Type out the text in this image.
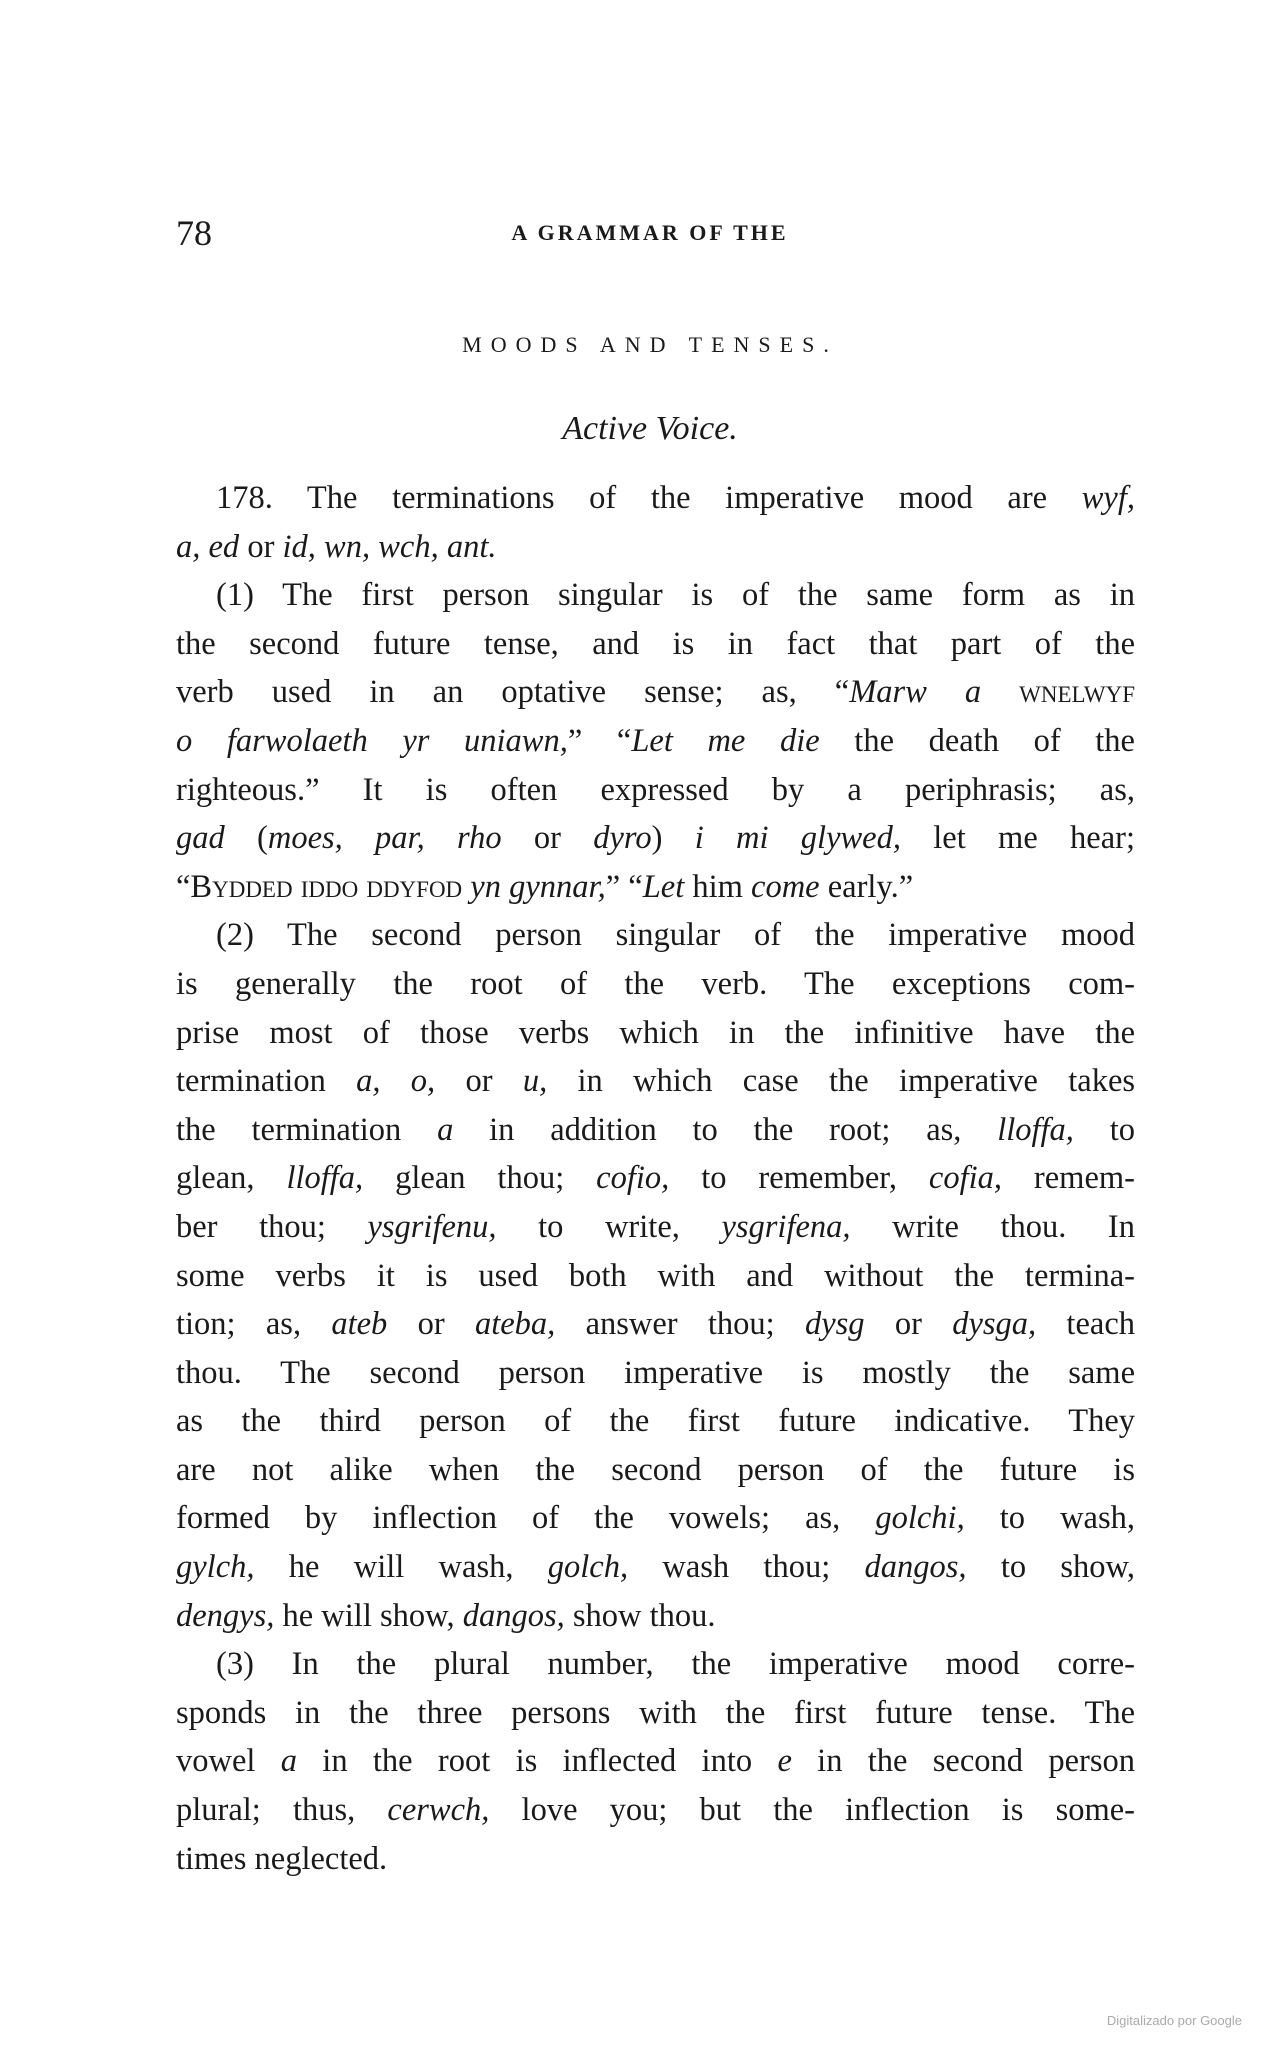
78	A GRAMMAR OF THE
MOODS AND TENSES.
Active Voice.
178. The terminations of the imperative mood are wyf,
a, ed or id, wn, wch, ant.
(1) The first person singular is of the same form as in
the second future tense, and is in fact that part of the
verb used in an optative sense; as, “Marw a wnelwyf
o farwolaeth yr uniawn,” “Let me die the death of the
righteous.” It is often expressed by a periphrasis; as,
gad (moes, par, rho or dyro) i mi glywed, let me hear;
“Bydded iddo ddyfod yn gynnar,” “Let him come early.”
(2) The second person singular of the imperative mood
is generally the root of the verb. The exceptions com-
prise most of those verbs which in the infinitive have the
termination a, o, or u, in which case the imperative takes
the termination a in addition to the root; as, lloffa, to
glean, lloffa, glean thou; cofio, to remember, cofia, remem-
ber thou; ysgrifenu, to write, ysgrifena, write thou. In
some verbs it is used both with and without the termina-
tion; as, ateb or ateba, answer thou; dysg or dysga, teach
thou. The second person imperative is mostly the same
as the third person of the first future indicative. They
are not alike when the second person of the future is
formed by inflection of the vowels; as, golchi, to wash,
gylch, he will wash, golch, wash thou; dangos, to show,
dengys, he will show, dangos, show thou.
(3) In the plural number, the imperative mood corre-
sponds in the three persons with the first future tense. The
vowel a in the root is inflected into e in the second person
plural; thus, cerwch, love you; but the inflection is some-
times neglected.
Digitalizado por Google
